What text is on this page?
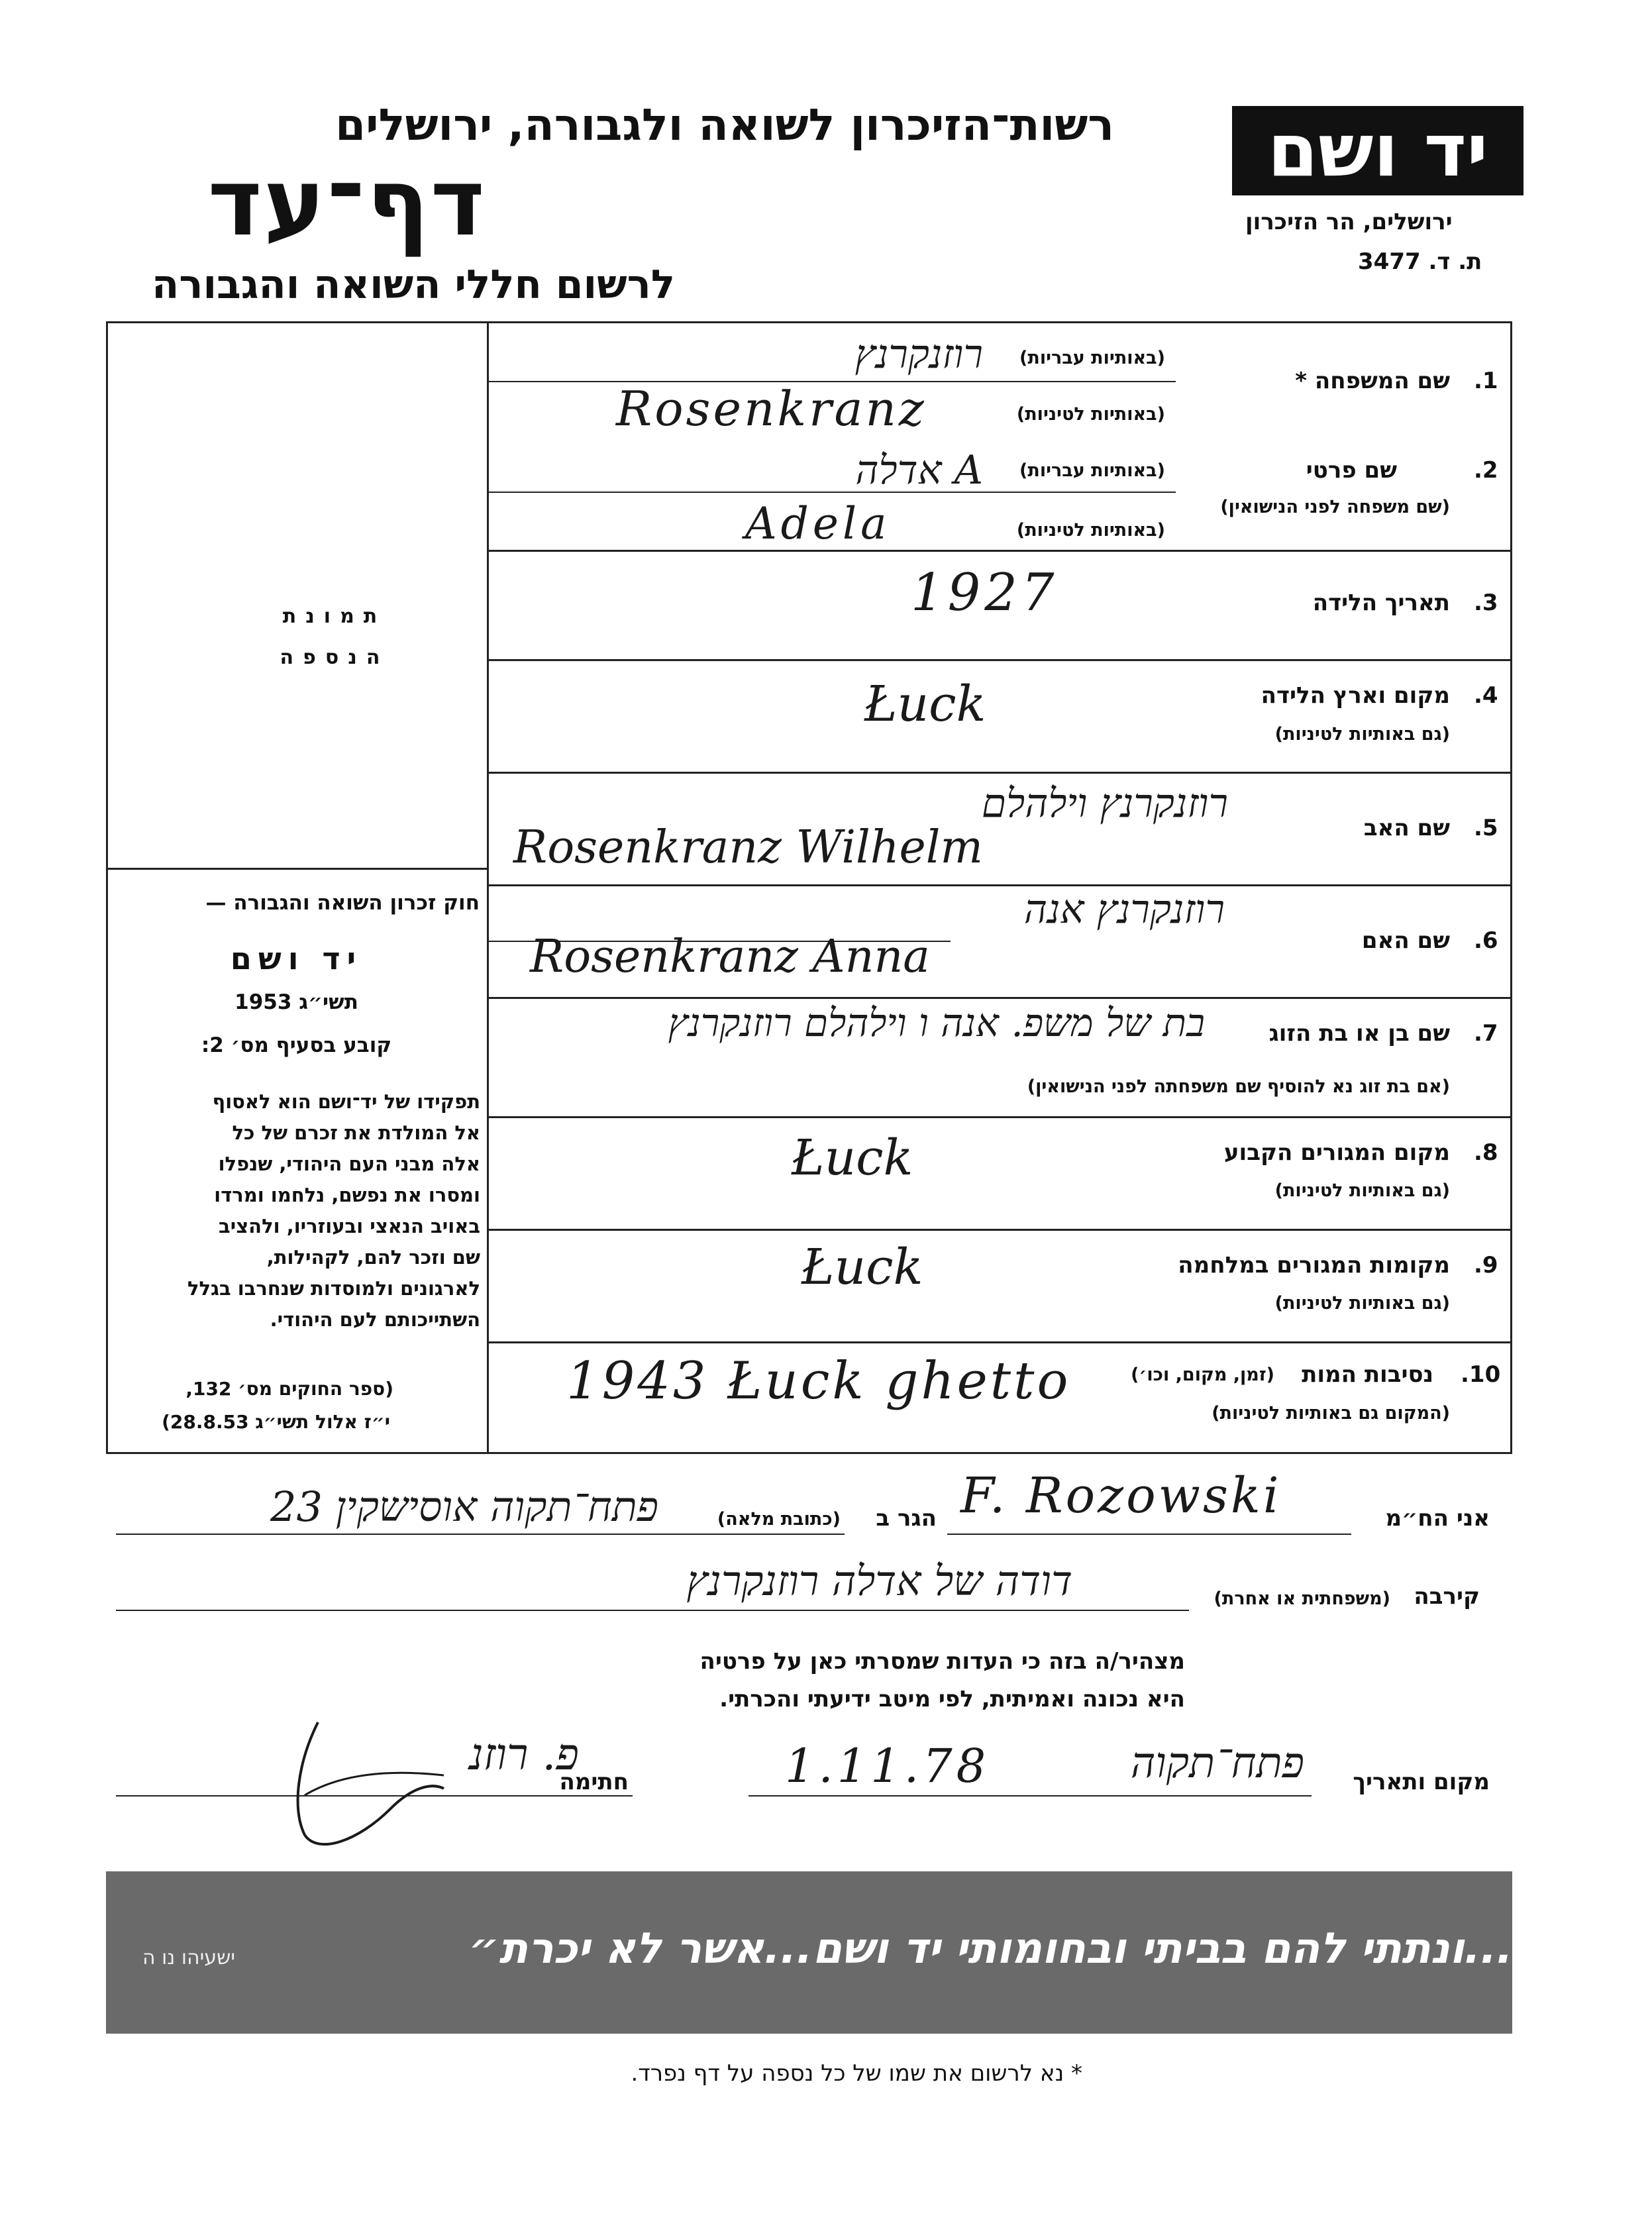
יד ושם
רשות־הזיכרון לשואה ולגבורה, ירושלים
דף־עד
לרשום חללי השואה והגבורה
ירושלים, הר הזיכרון
ת. ד. 3477
תמונת
הנספה
חוק זכרון השואה והגבורה —
יד ושם
תשי״ג 1953
קובע בסעיף מס׳ 2:
תפקידו של יד־ושם הוא לאסוף
אל המולדת את זכרם של כל
אלה מבני העם היהודי, שנפלו
ומסרו את נפשם, נלחמו ומרדו
באויב הנאצי ובעוזריו, ולהציב
שם וזכר להם, לקהילות,
לארגונים ולמוסדות שנחרבו בגלל
השתייכותם לעם היהודי.
(ספר החוקים מס׳ 132,
י״ז אלול תשי״ג 28.8.53)
1.
שם המשפחה *
(באותיות עבריות)
(באותיות לטיניות)
רוזנקרנץ
Rosenkranz
2.
שם פרטי
(שם משפחה לפני הנישואין)
(באותיות עבריות)
(באותיות לטיניות)
A אדלה
Adela
3.
תאריך הלידה
1927
4.
מקום וארץ הלידה
(גם באותיות לטיניות)
Łuck
5.
שם האב
רוזנקרנץ וילהלם
Rosenkranz Wilhelm
6.
שם האם
רוזנקרנץ אנה
Rosenkranz Anna
7.
שם בן או בת הזוג
(אם בת זוג נא להוסיף שם משפחתה לפני הנישואין)
בת של משפ. אנה ו וילהלם רוזנקרנץ
8.
מקום המגורים הקבוע
(גם באותיות לטיניות)
Łuck
9.
מקומות המגורים במלחמה
(גם באותיות לטיניות)
Łuck
10.
נסיבות המות
(זמן, מקום, וכו׳)
(המקום גם באותיות לטיניות)
1943 Łuck ghetto
אני הח״מ
F. Rozowski
הגר ב
(כתובת מלאה)
פתח־תקוה אוסישקין 23
קירבה
(משפחתית או אחרת)
דודה של אדלה רוזנקרנץ
מצהיר/ה בזה כי העדות שמסרתי כאן על פרטיה
היא נכונה ואמיתית, לפי מיטב ידיעתי והכרתי.
מקום ותאריך
פתח־תקוה
1.11.78
חתימה
פ. רוזנ
״...ונתתי להם בביתי ובחומותי יד ושם...אשר לא יכרת״
ישעיהו נו ה
* נא לרשום את שמו של כל נספה על דף נפרד.
